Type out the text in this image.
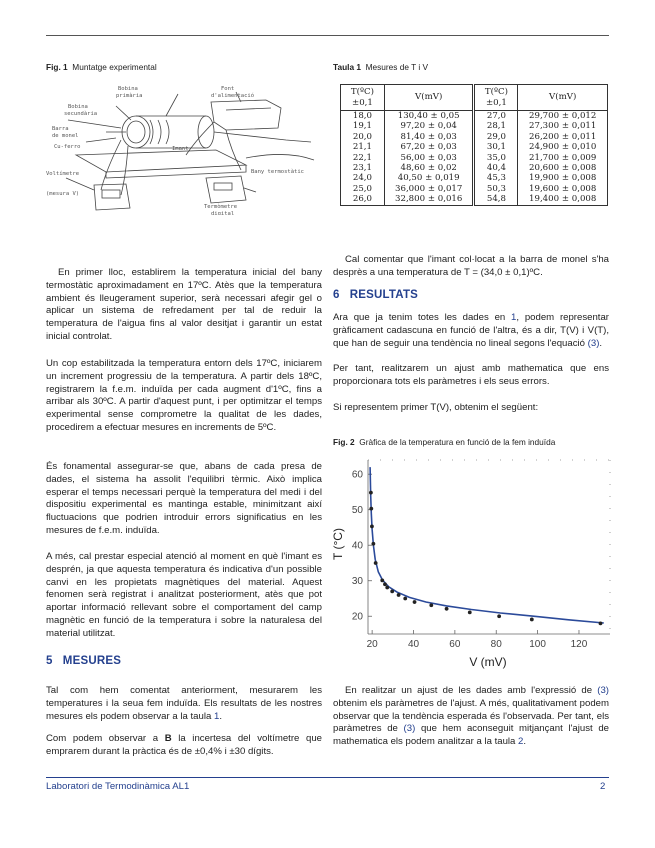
Fig. 1 Muntatge experimental
Font
d'alimentació
Bobina
primària
Bobina
secundària
Barra
de monel
Cu-ferro	Imant
Bany termostàtic
Voltímetre
(mesura V)
Termòmetre
digital
Taula 1 Mesures de T i V
T(ºC) ±0,1	V(mV)	T(ºC) ±0,1	V(mV)
18,0	130,40 ± 0,05	27,0	29,700 ± 0,012
19,1	97,20 ± 0,04	28,1	27,300 ± 0,011
20,0	81,40 ± 0,03	29,0	26,200 ± 0,011
21,1	67,20 ± 0,03	30,1	24,900 ± 0,010
22,1	56,00 ± 0,03	35,0	21,700 ± 0,009
23,1	48,60 ± 0,02	40,4	20,600 ± 0,008
24,0	40,50 ± 0,019	45,3	19,900 ± 0,008
25,0	36,000 ± 0,017	50,3	19,600 ± 0,008
26,0	32,800 ± 0,016	54,8	19,400 ± 0,008
En primer lloc, establirem la temperatura inicial del bany termostàtic aproximadament en 17ºC. Atès que la temperatura ambient és lleugerament superior, serà necessari afegir gel o aplicar un sistema de refredament per tal de reduir la temperatura de l'aigua fins al valor desitjat i garantir un estat inicial controlat.
Un cop estabilitzada la temperatura entorn dels 17ºC, iniciarem un increment progressiu de la temperatura. A partir dels 18ºC, registrarem la f.e.m. induïda per cada augment d'1ºC, fins a arribar als 30ºC. A partir d'aquest punt, i per optimitzar el temps experimental sense comprometre la qualitat de les dades, procedirem a efectuar mesures en increments de 5ºC.
És fonamental assegurar-se que, abans de cada presa de dades, el sistema ha assolit l'equilibri tèrmic. Això implica esperar el temps necessari perquè la temperatura del medi i del dispositiu experimental es mantinga estable, minimitzant així fluctuacions que podrien introduir errors significatius en les mesures de f.e.m. induïda.
A més, cal prestar especial atenció al moment en què l'imant es desprén, ja que aquesta temperatura és indicativa d'un possible canvi en les propietats magnètiques del material. Aquest fenomen serà registrat i analitzat posteriorment, atès que pot aportar informació rellevant sobre el comportament del camp magnètic en funció de la temperatura i sobre la naturalesa del material utilitzat.
5 MESURES
Tal com hem comentat anteriorment, mesurarem les temperatures i la seua fem induïda. Els resultats de les nostres mesures els podem observar a la taula 1.
Com podem observar a B la incertesa del voltímetre que emprarem durant la pràctica és de ±0,4% i ±30 dígits.
Cal comentar que l'imant col·locat a la barra de monel s'ha desprès a una temperatura de T = (34,0 ± 0,1)ºC.
6 RESULTATS
Ara que ja tenim totes les dades en 1, podem representar gràficament cadascuna en funció de l'altra, és a dir, T(V) i V(T), que han de seguir una tendència no lineal segons l'equació (3).
Per tant, realitzarem un ajust amb mathematica que ens proporcionara tots els paràmetres i els seus errors.
Si representem primer T(V), obtenim el següent:
Fig. 2 Gràfica de la temperatura en funció de la fem induïda
20	40	60	80	100 120
20
30
40
50
60
V (mV)
T (°C)
En realitzar un ajust de les dades amb l'expressió de (3) obtenim els paràmetres de l'ajust. A més, qualitativament podem observar que la tendència esperada és l'observada. Per tant, els paràmetres de (3) que hem aconseguit mitjançant l'ajust de mathematica els podem analitzar a la taula 2.
Laboratori de Termodinàmica AL1	2
